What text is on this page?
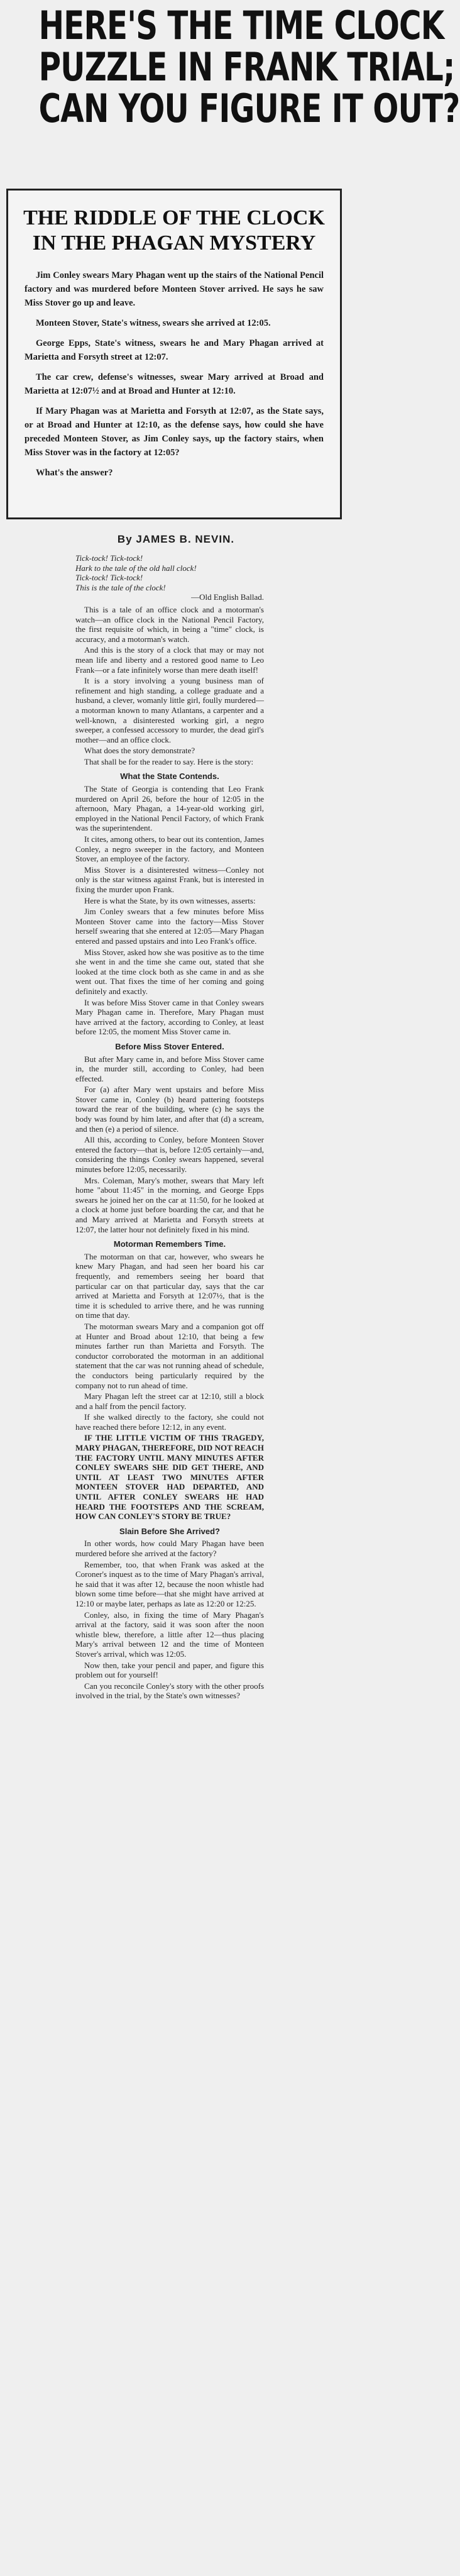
HERE'S THE TIME CLOCK
PUZZLE IN FRANK TRIAL;
CAN YOU FIGURE IT OUT?
THE RIDDLE OF THE CLOCK
IN THE PHAGAN MYSTERY

Jim Conley swears Mary Phagan went up the stairs of the National Pencil factory and was murdered before Monteen Stover arrived. He says he saw Miss Stover go up and leave.

Monteen Stover, State's witness, swears she arrived at 12:05.

George Epps, State's witness, swears he and Mary Phagan arrived at Marietta and Forsyth street at 12:07.

The car crew, defense's witnesses, swear Mary arrived at Broad and Marietta at 12:07½ and at Broad and Hunter at 12:10.

If Mary Phagan was at Marietta and Forsyth at 12:07, as the State says, or at Broad and Hunter at 12:10, as the defense says, how could she have preceded Monteen Stover, as Jim Conley says, up the factory stairs, when Miss Stover was in the factory at 12:05?

What's the answer?

By JAMES B. NEVIN.

Tick-tock! Tick-tock!

Hark to the tale of the old hall clock!

Tick-tock! Tick-tock!

This is the tale of the clock!

—Old English Ballad.

This is a tale of an office clock and a motorman's watch—an office clock in the National Pencil Factory, the first requisite of which, in being a "time" clock, is accuracy, and a motorman's watch.

And this is the story of a clock that may or may not mean life and liberty and a restored good name to Leo Frank—or a fate infinitely worse than mere death itself!

It is a story involving a young business man of refinement and high standing, a college graduate and a husband, a clever, womanly little girl, foully murdered—a motorman known to many Atlantans, a carpenter and a well-known, a disinterested working girl, a negro sweeper, a confessed accessory to murder, the dead girl's mother—and an office clock.

What does the story demonstrate?

That shall be for the reader to say. Here is the story:

What the State Contends.

The State of Georgia is contending that Leo Frank murdered on April 26, before the hour of 12:05 in the afternoon, Mary Phagan, a 14-year-old working girl, employed in the National Pencil Factory, of which Frank was the superintendent.

It cites, among others, to bear out its contention, James Conley, a negro sweeper in the factory, and Monteen Stover, an employee of the factory.

Miss Stover is a disinterested witness—Conley not only is the star witness against Frank, but is interested in fixing the murder upon Frank.

Here is what the State, by its own witnesses, asserts:

Jim Conley swears that a few minutes before Miss Monteen Stover came into the factory—Miss Stover herself swearing that she entered at 12:05—Mary Phagan entered and passed upstairs and into Leo Frank's office.

Miss Stover, asked how she was positive as to the time she went in and the time she came out, stated that she looked at the time clock both as she came in and as she went out. That fixes the time of her coming and going definitely and exactly.

It was before Miss Stover came in that Conley swears Mary Phagan came in. Therefore, Mary Phagan must have arrived at the factory, according to Conley, at least before 12:05, the moment Miss Stover came in.

Before Miss Stover Entered.

But after Mary came in, and before Miss Stover came in, the murder still, according to Conley, had been effected.

For (a) after Mary went upstairs and before Miss Stover came in, Conley (b) heard pattering footsteps toward the rear of the building, where (c) he says the body was found by him later, and after that (d) a scream, and then (e) a period of silence.

All this, according to Conley, before Monteen Stover entered the factory—that is, before 12:05 certainly—and, considering the things Conley swears happened, several minutes before 12:05, necessarily.

Mrs. Coleman, Mary's mother, swears that Mary left home "about 11:45" in the morning, and George Epps swears he joined her on the car at 11:50, for he looked at a clock at home just before boarding the car, and that he and Mary arrived at Marietta and Forsyth streets at 12:07, the latter hour not definitely fixed in his mind.

Motorman Remembers Time.

The motorman on that car, however, who swears he knew Mary Phagan, and had seen her board his car frequently, and remembers seeing her board that particular car on that particular day, says that the car arrived at Marietta and Forsyth at 12:07½, that is the time it is scheduled to arrive there, and he was running on time that day.

The motorman swears Mary and a companion got off at Hunter and Broad about 12:10, that being a few minutes farther run than Marietta and Forsyth. The conductor corroborated the motorman in an additional statement that the car was not running ahead of schedule, the conductors being particularly required by the company not to run ahead of time.

Mary Phagan left the street car at 12:10, still a block and a half from the pencil factory.

If she walked directly to the factory, she could not have reached there before 12:12, in any event.

IF THE LITTLE VICTIM OF THIS TRAGEDY, MARY PHAGAN, THEREFORE, DID NOT REACH THE FACTORY UNTIL MANY MINUTES AFTER CONLEY SWEARS SHE DID GET THERE, AND UNTIL AT LEAST TWO MINUTES AFTER MONTEEN STOVER HAD DEPARTED, AND UNTIL AFTER CONLEY SWEARS HE HAD HEARD THE FOOTSTEPS AND THE SCREAM, HOW CAN CONLEY'S STORY BE TRUE?

Slain Before She Arrived?

In other words, how could Mary Phagan have been murdered before she arrived at the factory?

Remember, too, that when Frank was asked at the Coroner's inquest as to the time of Mary Phagan's arrival, he said that it was after 12, because the noon whistle had blown some time before—that she might have arrived at 12:10 or maybe later, perhaps as late as 12:20 or 12:25.

Conley, also, in fixing the time of Mary Phagan's arrival at the factory, said it was soon after the noon whistle blew, therefore, a little after 12—thus placing Mary's arrival between 12 and the time of Monteen Stover's arrival, which was 12:05.

Now then, take your pencil and paper, and figure this problem out for yourself!

Can you reconcile Conley's story with the other proofs involved in the trial, by the State's own witnesses?
